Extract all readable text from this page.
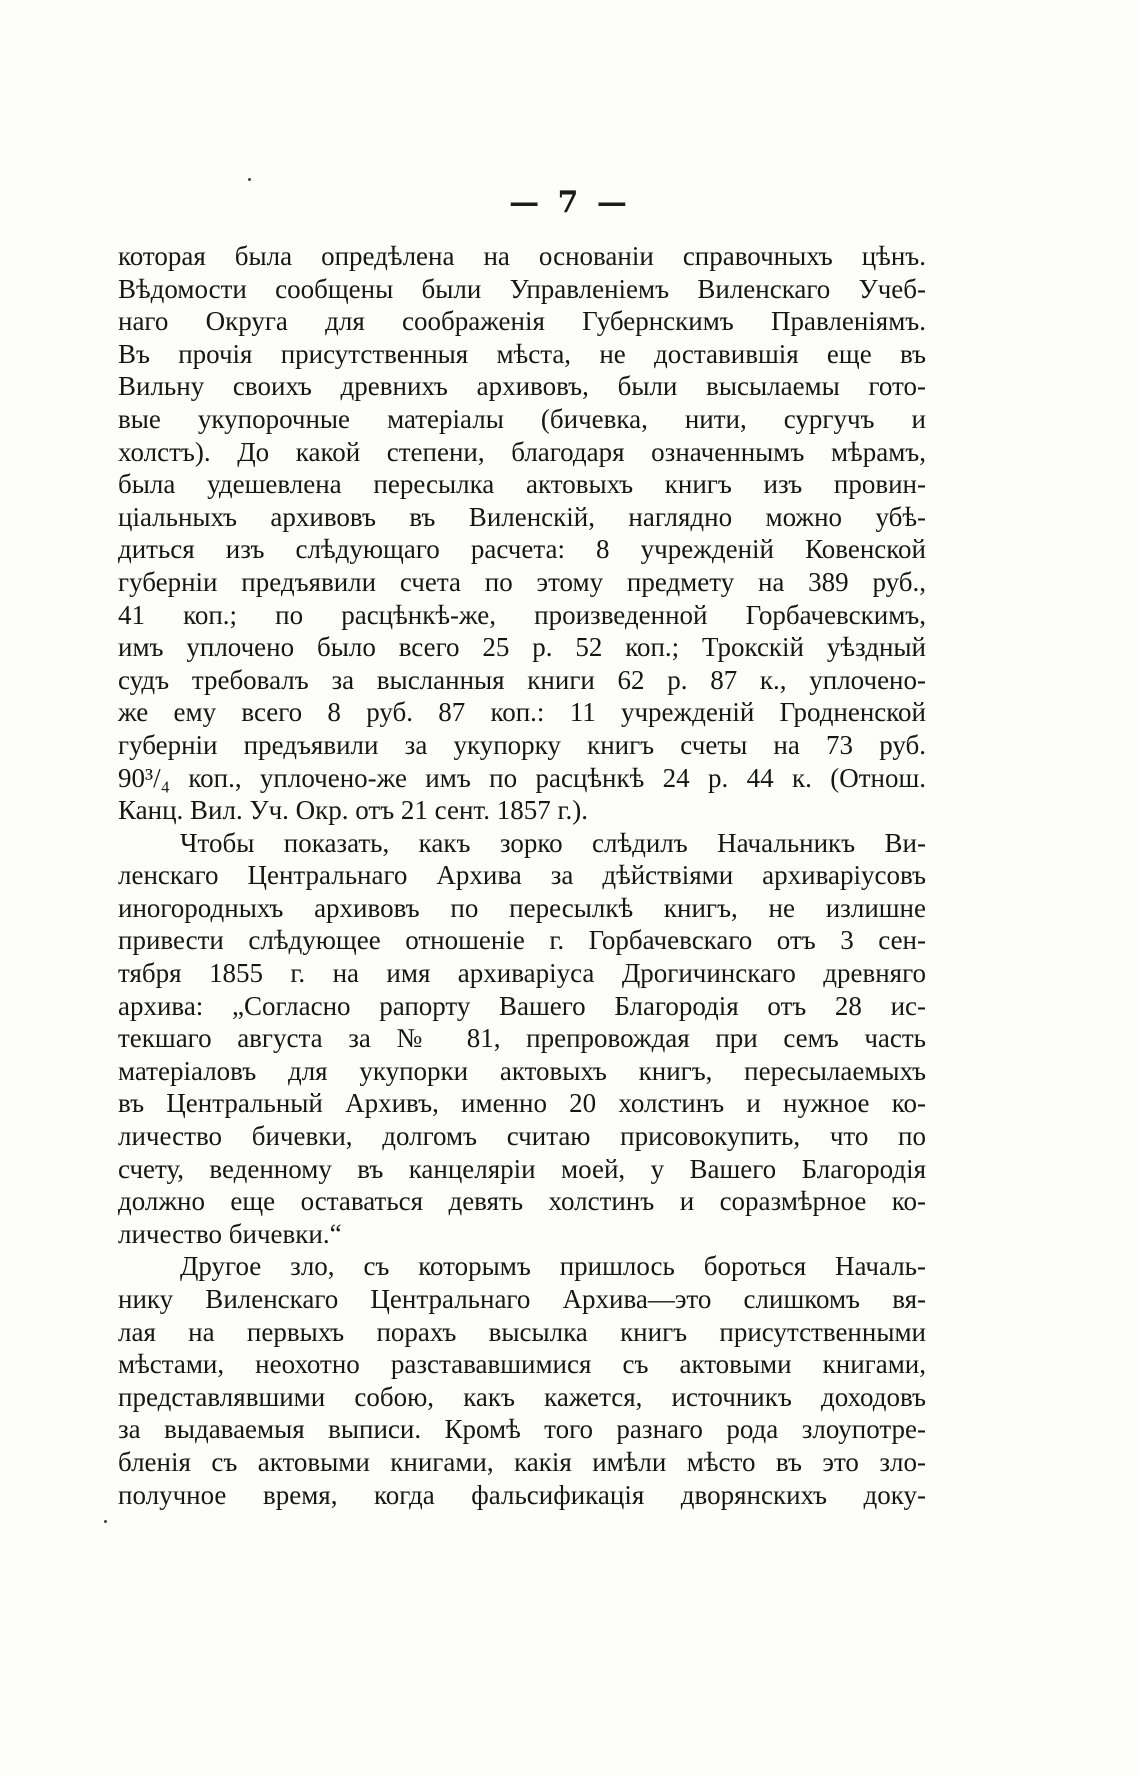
— 7 —
которая была опредѣлена на основаніи справочныхъ цѣнъ.
Вѣдомости сообщены были Управленіемъ Виленскаго Учеб-
наго Округа для соображенія Губернскимъ Правленіямъ.
Въ прочія присутственныя мѣста, не доставившія еще въ
Вильну своихъ древнихъ архивовъ, были высылаемы гото-
вые укупорочные матеріалы (бичевка, нити, сургучъ и
холстъ). До какой степени, благодаря означеннымъ мѣрамъ,
была удешевлена пересылка актовыхъ книгъ изъ провин-
ціальныхъ архивовъ въ Виленскій, наглядно можно убѣ-
диться изъ слѣдующаго расчета: 8 учрежденій Ковенской
губерніи предъявили счета по этому предмету на 389 руб.,
41 коп.; по расцѣнкѣ-же, произведенной Горбачевскимъ,
имъ уплочено было всего 25 р. 52 коп.; Трокскій уѣздный
судъ требовалъ за высланныя книги 62 р. 87 к., уплочено-
же ему всего 8 руб. 87 коп.: 11 учрежденій Гродненской
губерніи предъявили за укупорку книгъ счеты на 73 руб.
90³/₄ коп., уплочено-же имъ по расцѣнкѣ 24 р. 44 к. (Отнош.
Канц. Вил. Уч. Окр. отъ 21 сент. 1857 г.).
Чтобы показать, какъ зорко слѣдилъ Начальникъ Ви-
ленскаго Центральнаго Архива за дѣйствіями архиваріусовъ
иногородныхъ архивовъ по пересылкѣ книгъ, не излишне
привести слѣдующее отношеніе г. Горбачевскаго отъ 3 сен-
тября 1855 г. на имя архиваріуса Дрогичинскаго древняго
архива: „Согласно рапорту Вашего Благородія отъ 28 ис-
текшаго августа за № 81, препровождая при семъ часть
матеріаловъ для укупорки актовыхъ книгъ, пересылаемыхъ
въ Центральный Архивъ, именно 20 холстинъ и нужное ко-
личество бичевки, долгомъ считаю присовокупить, что по
счету, веденному въ канцеляріи моей, у Вашего Благородія
должно еще оставаться девять холстинъ и соразмѣрное ко-
личество бичевки.“
Другое зло, съ которымъ пришлось бороться Началь-
нику Виленскаго Центральнаго Архива—это слишкомъ вя-
лая на первыхъ порахъ высылка книгъ присутственными
мѣстами, неохотно разстававшимися съ актовыми книгами,
представлявшими собою, какъ кажется, источникъ доходовъ
за выдаваемыя выписи. Кромѣ того разнаго рода злоупотре-
бленія съ актовыми книгами, какія имѣли мѣсто въ это зло-
получное время, когда фальсификація дворянскихъ доку-
